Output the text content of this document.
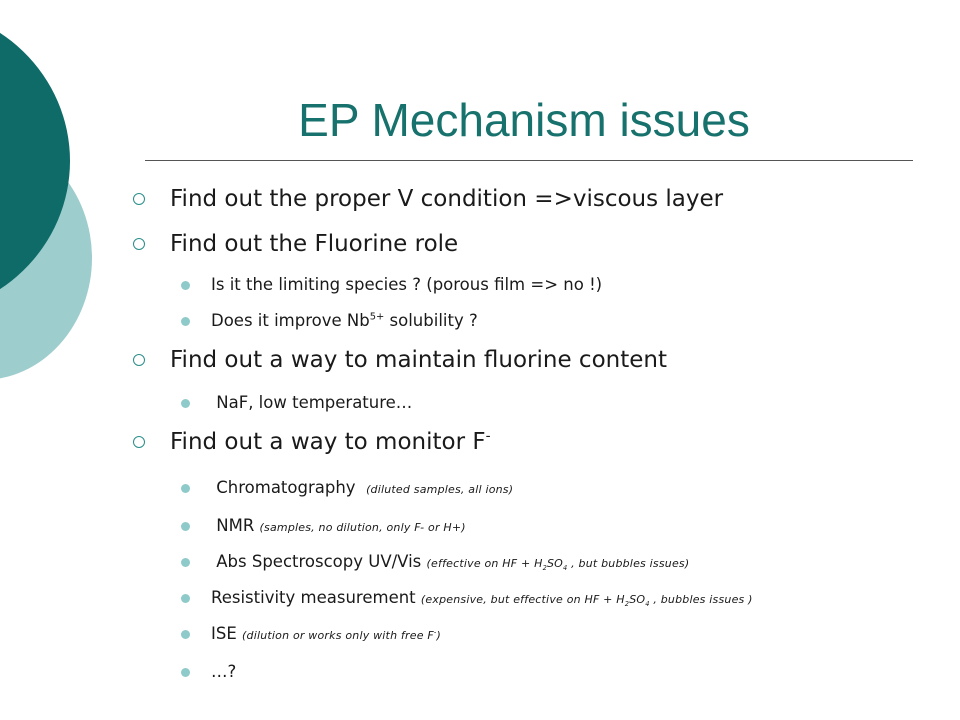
EP Mechanism issues
Find out the proper V condition =>viscous layer
Find out the Fluorine role
Is it the limiting species ? (porous film => no !)
Does it improve $Nb^{5+}$ solubility ?
Find out a way to maintain fluorine content
NaF, low temperature…
Find out a way to monitor F-
Chromatography (diluted samples, all ions)
NMR (samples, no dilution, only F- or H+)
Abs Spectroscopy UV/Vis (effective on HF + $H_2SO_4$ , but bubbles issues)
Resistivity measurement (expensive, but effective on HF + $H_2SO_4$ , bubbles issues )
ISE (dilution or works only with free F-)
…?
